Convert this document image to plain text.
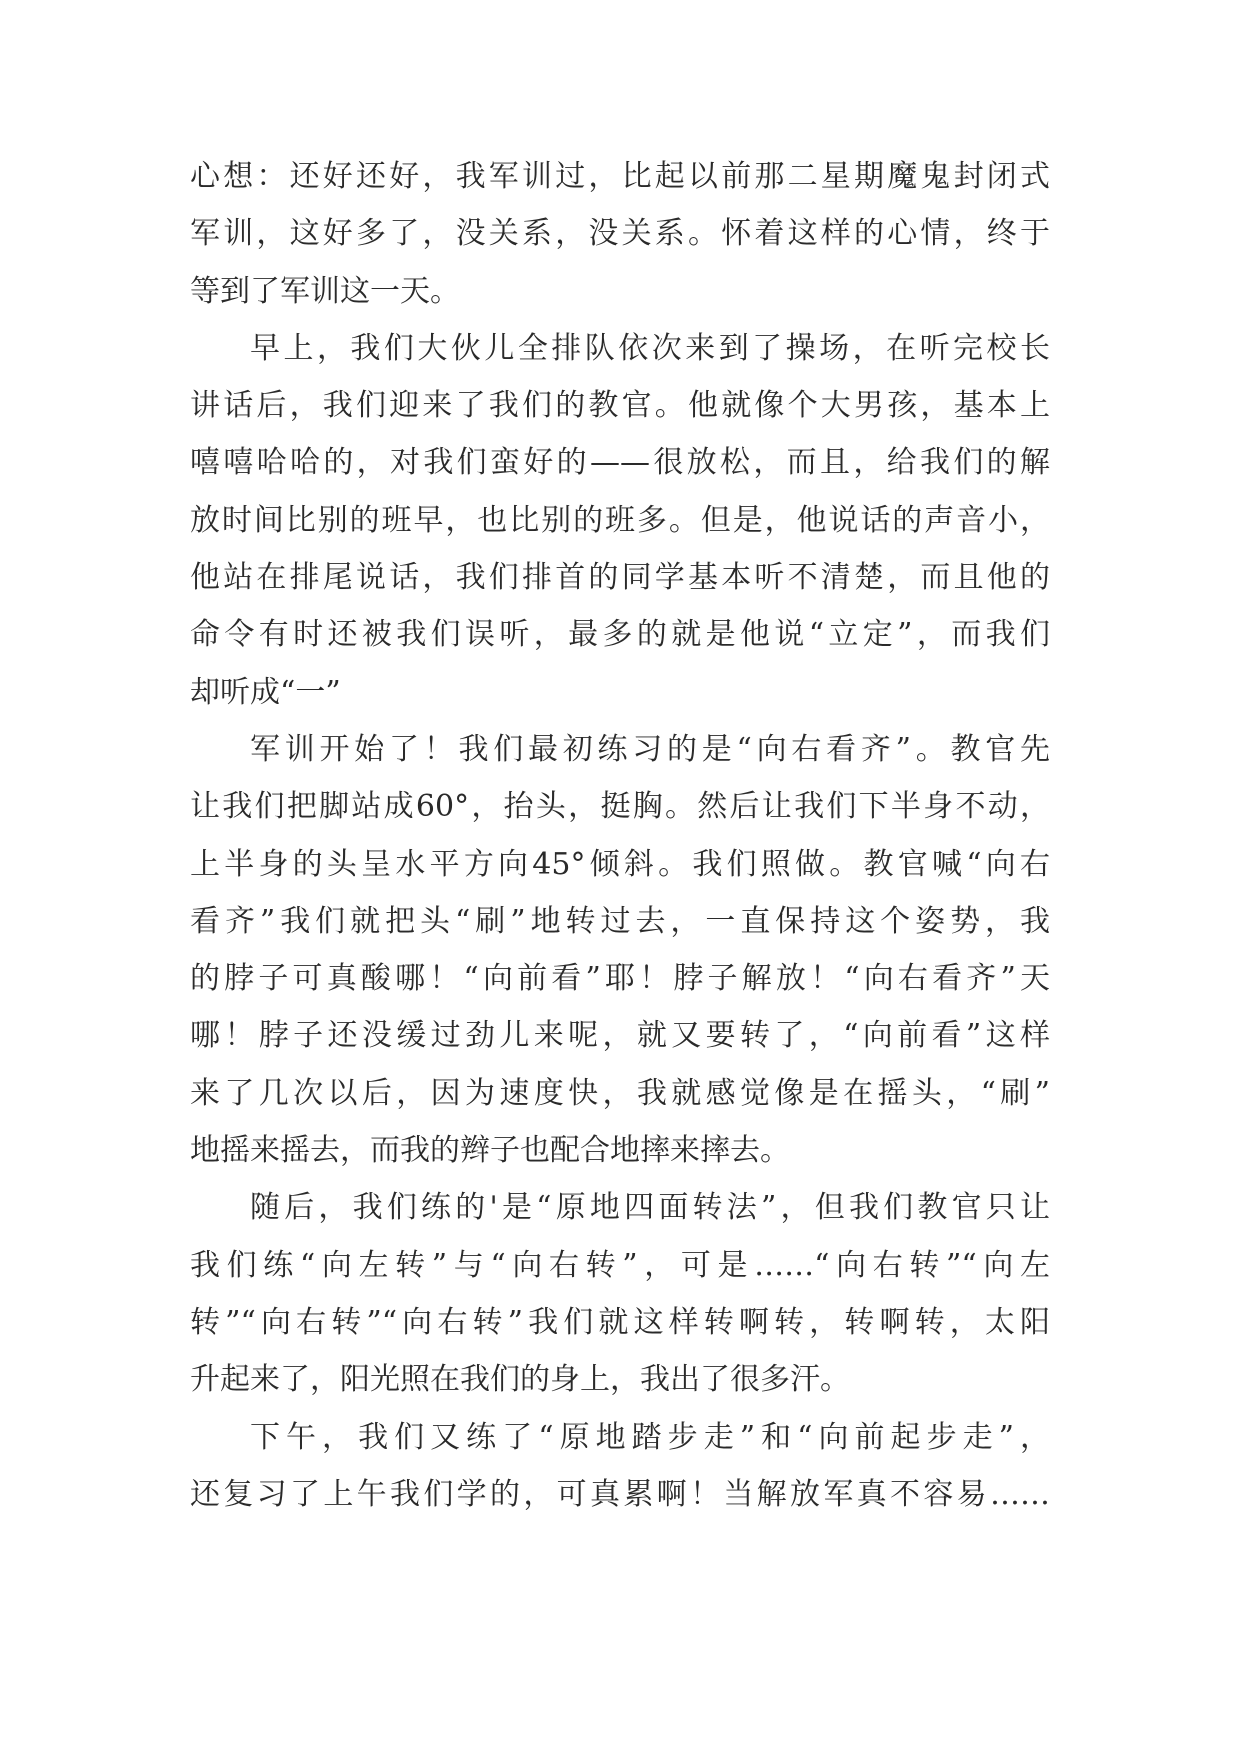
心想：还好还好，我军训过，比起以前那二星期魔鬼封闭式
军训，这好多了，没关系，没关系。怀着这样的心情，终于
等到了军训这一天。
早上，我们大伙儿全排队依次来到了操场，在听完校长
讲话后，我们迎来了我们的教官。他就像个大男孩，基本上
嘻嘻哈哈的，对我们蛮好的——很放松，而且，给我们的解
放时间比别的班早，也比别的班多。但是，他说话的声音小，
他站在排尾说话，我们排首的同学基本听不清楚，而且他的
命令有时还被我们误听，最多的就是他说“立定”，而我们
却听成“一”
军训开始了！我们最初练习的是“向右看齐”。教官先
让我们把脚站成60°，抬头，挺胸。然后让我们下半身不动，
上半身的头呈水平方向45°倾斜。我们照做。教官喊“向右
看齐”我们就把头“刷”地转过去，一直保持这个姿势，我
的脖子可真酸哪！“向前看”耶！脖子解放！“向右看齐”天
哪！脖子还没缓过劲儿来呢，就又要转了，“向前看”这样
来了几次以后，因为速度快，我就感觉像是在摇头，“刷”
地摇来摇去，而我的辫子也配合地摔来摔去。
随后，我们练的'是“原地四面转法”，但我们教官只让
我们练“向左转”与“向右转”，可是……“向右转”“向左
转”“向右转”“向右转”我们就这样转啊转，转啊转，太阳
升起来了，阳光照在我们的身上，我出了很多汗。
下午，我们又练了“原地踏步走”和“向前起步走”，
还复习了上午我们学的，可真累啊！当解放军真不容易……
